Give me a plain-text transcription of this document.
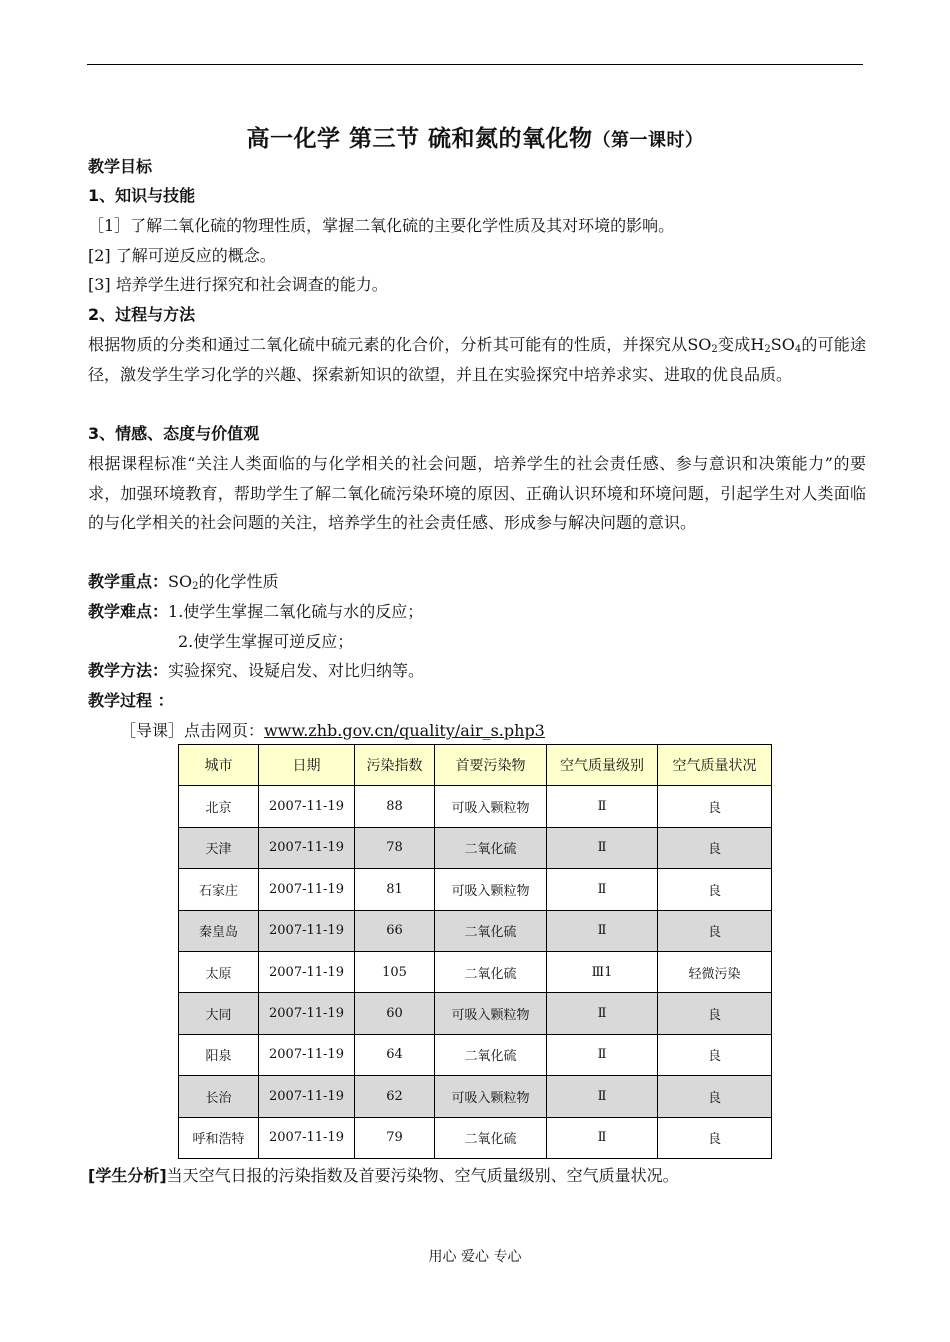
高一化学 第三节 硫和氮的氧化物（第一课时）
教学目标
1、知识与技能
［1］了解二氧化硫的物理性质，掌握二氧化硫的主要化学性质及其对环境的影响。
[2] 了解可逆反应的概念。
[3] 培养学生进行探究和社会调查的能力。
2、过程与方法
根据物质的分类和通过二氧化硫中硫元素的化合价，分析其可能有的性质，并探究从$SO_2$变成$H_2SO_4$的可能途径，激发学生学习化学的兴趣、探索新知识的欲望，并且在实验探究中培养求实、进取的优良品质。
3、情感、态度与价值观
根据课程标准“关注人类面临的与化学相关的社会问题，培养学生的社会责任感、参与意识和决策能力”的要求，加强环境教育，帮助学生了解二氧化硫污染环境的原因、正确认识环境和环境问题，引起学生对人类面临的与化学相关的社会问题的关注，培养学生的社会责任感、形成参与解决问题的意识。
教学重点：$SO_2$的化学性质
教学难点：1.使学生掌握二氧化硫与水的反应；
2.使学生掌握可逆反应；
教学方法：实验探究、设疑启发、对比归纳等。
教学过程 ：
［导课］点击网页：www.zhb.gov.cn/quality/air_s.php3
城市	日期	污染指数	首要污染物	空气质量级别	空气质量状况
北京	2007-11-19	88	可吸入颗粒物	Ⅱ	良
天津	2007-11-19	78	二氧化硫	Ⅱ	良
石家庄	2007-11-19	81	可吸入颗粒物	Ⅱ	良
秦皇岛	2007-11-19	66	二氧化硫	Ⅱ	良
太原	2007-11-19	105	二氧化硫	Ⅲ1	轻微污染
大同	2007-11-19	60	可吸入颗粒物	Ⅱ	良
阳泉	2007-11-19	64	二氧化硫	Ⅱ	良
长治	2007-11-19	62	可吸入颗粒物	Ⅱ	良
呼和浩特	2007-11-19	79	二氧化硫	Ⅱ	良
[学生分析]当天空气日报的污染指数及首要污染物、空气质量级别、空气质量状况。
用心 爱心 专心
